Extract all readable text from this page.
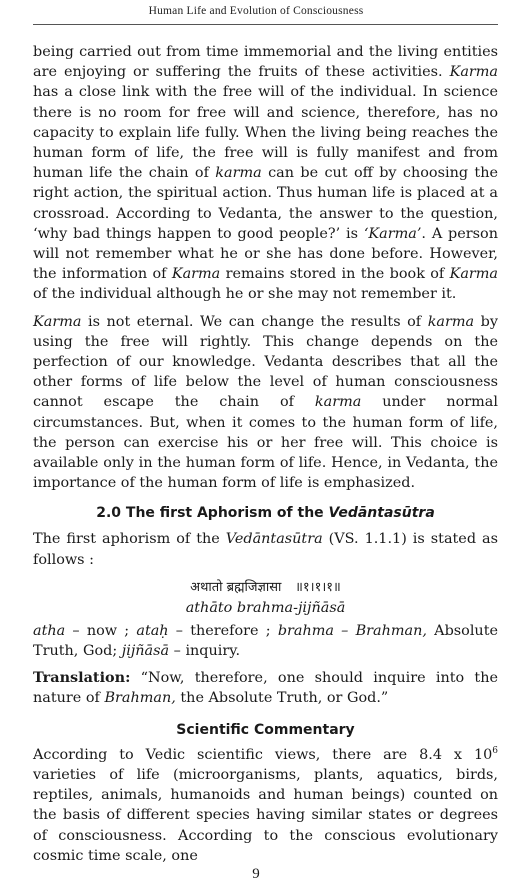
Human Life and Evolution of Consciousness

being carried out from time immemorial and the living entities are enjoying or suffering the fruits of these activities. Karma has a close link with the free will of the individual. In science there is no room for free will and science, therefore, has no capacity to explain life fully. When the living being reaches the human form of life, the free will is fully manifest and from human life the chain of karma can be cut off by choosing the right action, the spiritual action. Thus human life is placed at a crossroad. According to Vedanta, the answer to the question, ‘why bad things happen to good people?’ is ‘Karma’. A person will not remember what he or she has done before. However, the information of Karma remains stored in the book of Karma of the individual although he or she may not remember it.

Karma is not eternal. We can change the results of karma by using the free will rightly. This change depends on the perfection of our knowledge. Vedanta describes that all the other forms of life below the level of human consciousness cannot escape the chain of karma under normal circumstances. But, when it comes to the human form of life, the person can exercise his or her free will. This choice is available only in the human form of life. Hence, in Vedanta, the importance of the human form of life is emphasized.

2.0 The first Aphorism of the Vedāntasūtra

The first aphorism of the Vedāntasūtra (VS. 1.1.1) is stated as follows :

अथातो ब्रह्मजिज्ञासा ॥१।१।१॥
athāto brahma-jijñāsā

atha – now ; ataḥ – therefore ; brahma – Brahman, Absolute Truth, God; jijñāsā – inquiry.

Translation: “Now, therefore, one should inquire into the nature of Brahman, the Absolute Truth, or God.”

Scientific Commentary

According to Vedic scientific views, there are 8.4 x $10^6$ varieties of life (microorganisms, plants, aquatics, birds, reptiles, animals, humanoids and human beings) counted on the basis of different species having similar states or degrees of consciousness. According to the conscious evolutionary cosmic time scale, one

9
